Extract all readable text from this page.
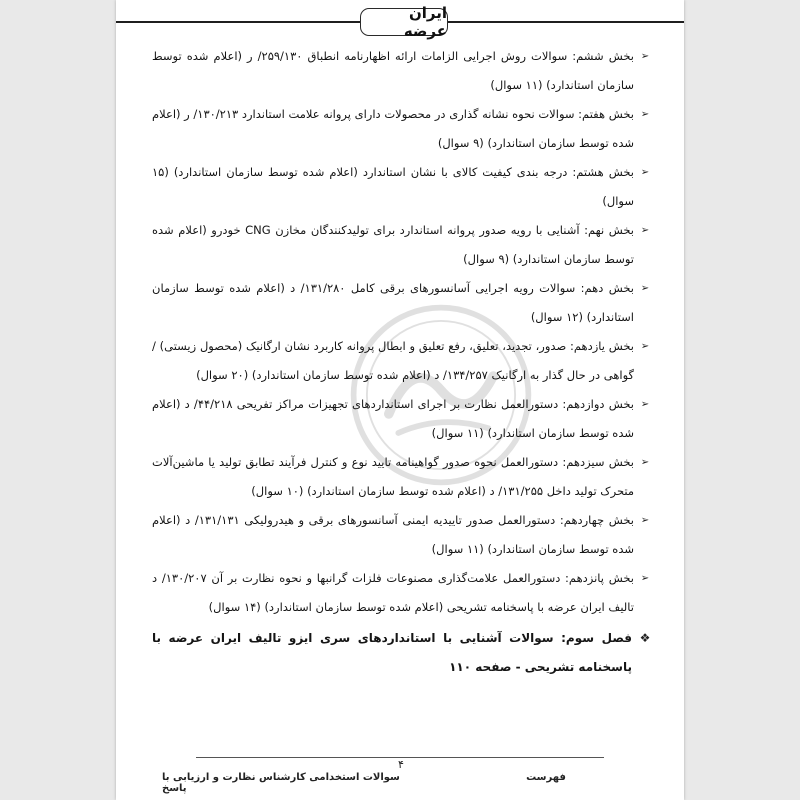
ایران عرضه
➢
بخش ششم: سوالات روش اجرایی الزامات ارائه اظهارنامه انطباق ۲۵۹/۱۳۰/ ر (اعلام شده توسط سازمان استاندارد) (۱۱ سوال)
➢
بخش هفتم: سوالات نحوه نشانه گذاری در محصولات دارای پروانه علامت استاندارد ۱۳۰/۲۱۳/ ر (اعلام شده توسط سازمان استاندارد) (۹ سوال)
➢
بخش هشتم: درجه بندی کیفیت کالای با نشان استاندارد (اعلام شده توسط سازمان استاندارد) (۱۵ سوال)
➢
بخش نهم: آشنایی با رویه صدور پروانه استاندارد برای تولیدکنندگان مخازن CNG خودرو (اعلام شده توسط سازمان استاندارد) (۹ سوال)
➢
بخش دهم: سوالات رویه اجرایی آسانسورهای برقی کامل ۱۳۱/۲۸۰/ د (اعلام شده توسط سازمان استاندارد) (۱۲ سوال)
➢
بخش یازدهم: صدور، تجدید، تعلیق، رفع تعلیق و ابطال پروانه کاربرد نشان ارگانیک (محصول زیستی) / گواهی در حال گذار به ارگانیک ۱۳۴/۲۵۷/ د (اعلام شده توسط سازمان استاندارد) (۲۰ سوال)
➢
بخش دوازدهم: دستورالعمل نظارت بر اجرای استانداردهای تجهیزات مراکز تفریحی ۴۴/۲۱۸/ د (اعلام شده توسط سازمان استاندارد) (۱۱ سوال)
➢
بخش سیزدهم: دستورالعمل نحوه صدور گواهینامه تایید نوع و کنترل فرآیند تطابق تولید یا ماشین‌آلات متحرک تولید داخل ۱۳۱/۲۵۵/ د (اعلام شده توسط سازمان استاندارد) (۱۰ سوال)
➢
بخش چهاردهم: دستورالعمل صدور تاییدیه ایمنی آسانسورهای برقی و هیدرولیکی ۱۳۱/۱۳۱/ د (اعلام شده توسط سازمان استاندارد) (۱۱ سوال)
➢
بخش پانزدهم: دستورالعمل علامت‌گذاری مصنوعات فلزات گرانبها و نحوه نظارت بر آن ۱۳۰/۲۰۷/ د تالیف ایران عرضه با پاسخنامه تشریحی (اعلام شده توسط سازمان استاندارد) (۱۴ سوال)
❖
فصل سوم: سوالات آشنایی با استانداردهای سری ایزو تالیف ایران عرضه با پاسخنامه تشریحی - صفحه ۱۱۰
۴
سوالات استخدامی کارشناس نظارت و ارزیابی با پاسخ
فهرست
